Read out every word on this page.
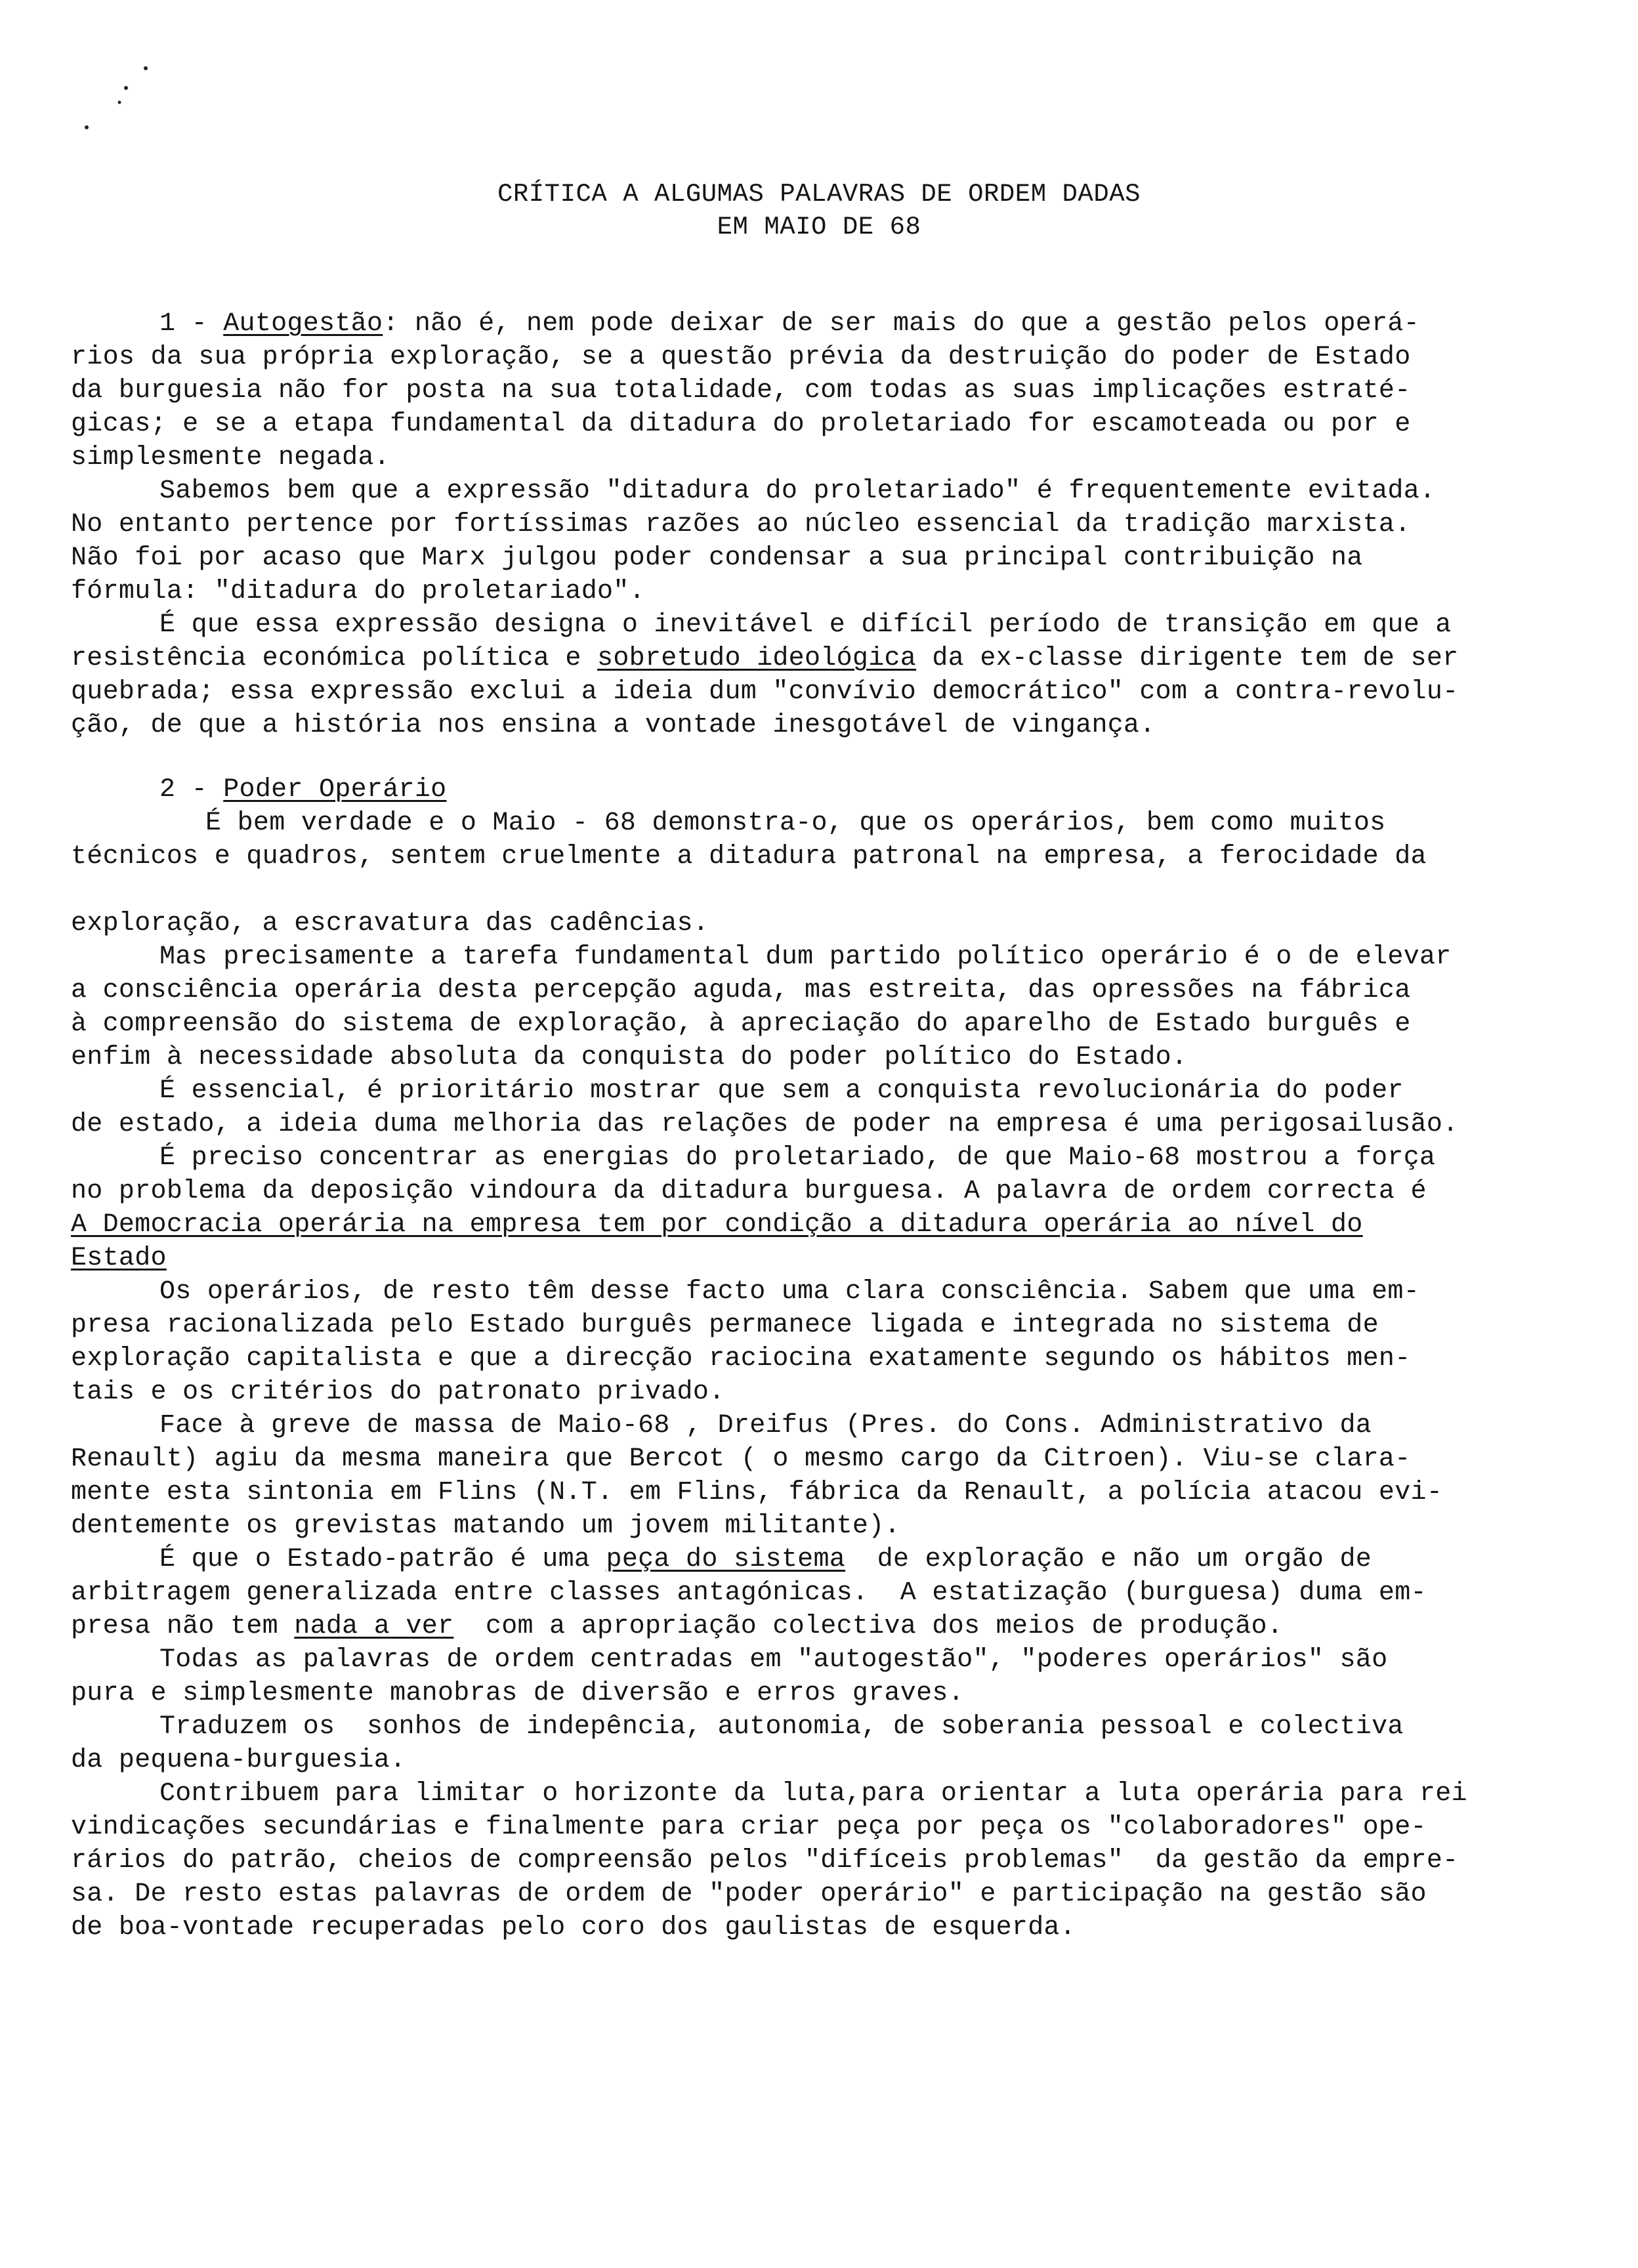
CRÍTICA A ALGUMAS PALAVRAS DE ORDEM DADAS
EM MAIO DE 68
1 - Autogestão: não é, nem pode deixar de ser mais do que a gestão pelos operá-
rios da sua própria exploração, se a questão prévia da destruição do poder de Estado
da burguesia não for posta na sua totalidade, com todas as suas implicações estraté-
gicas; e se a etapa fundamental da ditadura do proletariado for escamoteada ou por e
simplesmente negada.
Sabemos bem que a expressão "ditadura do proletariado" é frequentemente evitada.
No entanto pertence por fortíssimas razões ao núcleo essencial da tradição marxista.
Não foi por acaso que Marx julgou poder condensar a sua principal contribuição na
fórmula: "ditadura do proletariado".
É que essa expressão designa o inevitável e difícil período de transição em que a
resistência económica política e sobretudo ideológica da ex-classe dirigente tem de ser
quebrada; essa expressão exclui a ideia dum "convívio democrático" com a contra-revolu-
ção, de que a história nos ensina a vontade inesgotável de vingança.
2 - Poder Operário
É bem verdade e o Maio - 68 demonstra-o, que os operários, bem como muitos
técnicos e quadros, sentem cruelmente a ditadura patronal na empresa, a ferocidade da
exploração, a escravatura das cadências.
Mas precisamente a tarefa fundamental dum partido político operário é o de elevar
a consciência operária desta percepção aguda, mas estreita, das opressões na fábrica
à compreensão do sistema de exploração, à apreciação do aparelho de Estado burguês e
enfim à necessidade absoluta da conquista do poder político do Estado.
É essencial, é prioritário mostrar que sem a conquista revolucionária do poder
de estado, a ideia duma melhoria das relações de poder na empresa é uma perigosailusão.
É preciso concentrar as energias do proletariado, de que Maio-68 mostrou a força
no problema da deposição vindoura da ditadura burguesa. A palavra de ordem correcta é
A Democracia operária na empresa tem por condição a ditadura operária ao nível do
Estado
Os operários, de resto têm desse facto uma clara consciência. Sabem que uma em-
presa racionalizada pelo Estado burguês permanece ligada e integrada no sistema de
exploração capitalista e que a direcção raciocina exatamente segundo os hábitos men-
tais e os critérios do patronato privado.
Face à greve de massa de Maio-68 , Dreifus (Pres. do Cons. Administrativo da
Renault) agiu da mesma maneira que Bercot ( o mesmo cargo da Citroen). Viu-se clara-
mente esta sintonia em Flins (N.T. em Flins, fábrica da Renault, a polícia atacou evi-
dentemente os grevistas matando um jovem militante).
É que o Estado-patrão é uma peça do sistema  de exploração e não um orgão de
arbitragem generalizada entre classes antagónicas.  A estatização (burguesa) duma em-
presa não tem nada a ver  com a apropriação colectiva dos meios de produção.
Todas as palavras de ordem centradas em "autogestão", "poderes operários" são
pura e simplesmente manobras de diversão e erros graves.
Traduzem os  sonhos de indepência, autonomia, de soberania pessoal e colectiva
da pequena-burguesia.
Contribuem para limitar o horizonte da luta,para orientar a luta operária para rei
vindicações secundárias e finalmente para criar peça por peça os "colaboradores" ope-
rários do patrão, cheios de compreensão pelos "difíceis problemas"  da gestão da empre-
sa. De resto estas palavras de ordem de "poder operário" e participação na gestão são
de boa-vontade recuperadas pelo coro dos gaulistas de esquerda.
